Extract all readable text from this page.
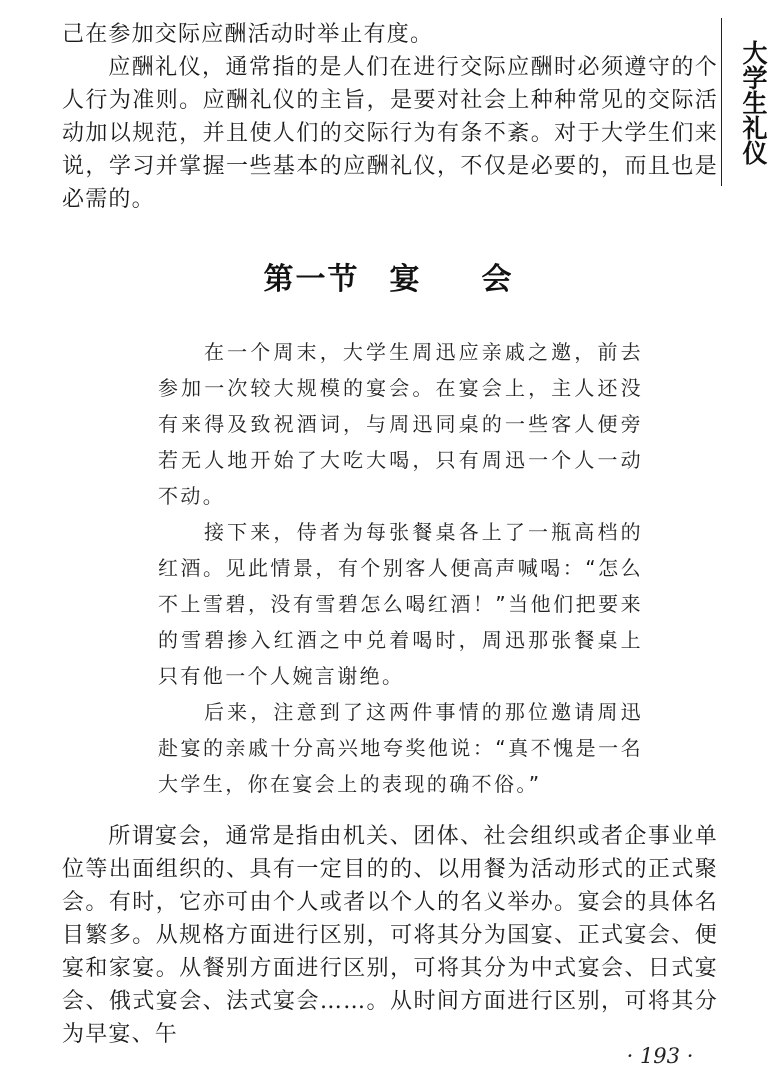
大学生礼仪
己在参加交际应酬活动时举止有度。
应酬礼仪，通常指的是人们在进行交际应酬时必须遵守的个人行为准则。应酬礼仪的主旨，是要对社会上种种常见的交际活动加以规范，并且使人们的交际行为有条不紊。对于大学生们来说，学习并掌握一些基本的应酬礼仪，不仅是必要的，而且也是必需的。
第一节 宴 会

在一个周末，大学生周迅应亲戚之邀，前去参加一次较大规模的宴会。在宴会上，主人还没有来得及致祝酒词，与周迅同桌的一些客人便旁若无人地开始了大吃大喝，只有周迅一个人一动不动。

接下来，侍者为每张餐桌各上了一瓶高档的红酒。见此情景，有个别客人便高声喊喝：“怎么不上雪碧，没有雪碧怎么喝红酒！”当他们把要来的雪碧掺入红酒之中兑着喝时，周迅那张餐桌上只有他一个人婉言谢绝。

后来，注意到了这两件事情的那位邀请周迅赴宴的亲戚十分高兴地夸奖他说：“真不愧是一名大学生，你在宴会上的表现的确不俗。”

所谓宴会，通常是指由机关、团体、社会组织或者企事业单位等出面组织的、具有一定目的的、以用餐为活动形式的正式聚会。有时，它亦可由个人或者以个人的名义举办。宴会的具体名目繁多。从规格方面进行区别，可将其分为国宴、正式宴会、便宴和家宴。从餐别方面进行区别，可将其分为中式宴会、日式宴会、俄式宴会、法式宴会……。从时间方面进行区别，可将其分为早宴、午

· 193 ·
